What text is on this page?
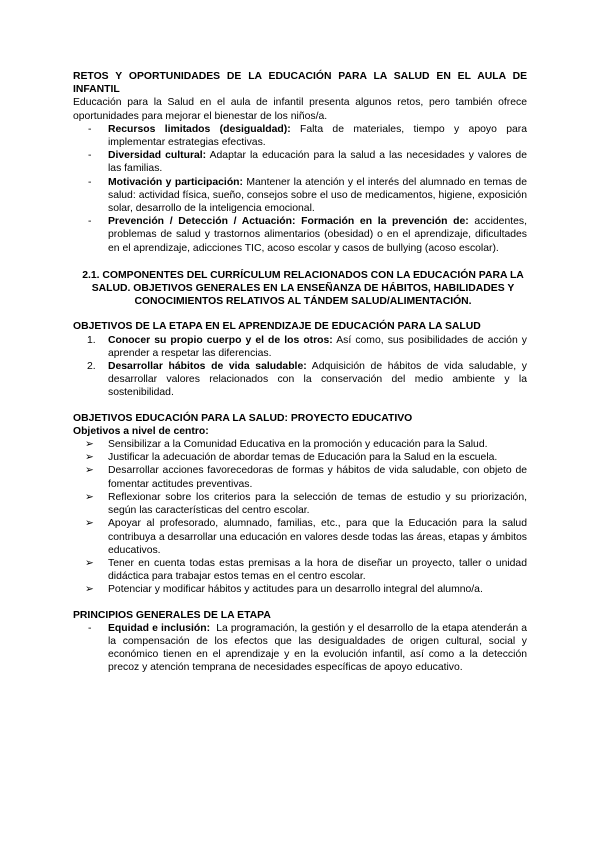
RETOS Y OPORTUNIDADES DE LA EDUCACIÓN PARA LA SALUD EN EL AULA DE INFANTIL

Educación para la Salud en el aula de infantil presenta algunos retos, pero también ofrece oportunidades para mejorar el bienestar de los niños/a.

- Recursos limitados (desigualdad): Falta de materiales, tiempo y apoyo para implementar estrategias efectivas.
- Diversidad cultural: Adaptar la educación para la salud a las necesidades y valores de las familias.
- Motivación y participación: Mantener la atención y el interés del alumnado en temas de salud: actividad física, sueño, consejos sobre el uso de medicamentos, higiene, exposición solar, desarrollo de la inteligencia emocional.
- Prevención / Detección / Actuación: Formación en la prevención de: accidentes, problemas de salud y trastornos alimentarios (obesidad) o en el aprendizaje, dificultades en el aprendizaje, adicciones TIC, acoso escolar y casos de bullying (acoso escolar).

2.1. COMPONENTES DEL CURRÍCULUM RELACIONADOS CON LA EDUCACIÓN PARA LA SALUD. OBJETIVOS GENERALES EN LA ENSEÑANZA DE HÁBITOS, HABILIDADES Y CONOCIMIENTOS RELATIVOS AL TÁNDEM SALUD/ALIMENTACIÓN.

OBJETIVOS DE LA ETAPA EN EL APRENDIZAJE DE EDUCACIÓN PARA LA SALUD

1. Conocer su propio cuerpo y el de los otros: Así como, sus posibilidades de acción y aprender a respetar las diferencias.
2. Desarrollar hábitos de vida saludable: Adquisición de hábitos de vida saludable, y desarrollar valores relacionados con la conservación del medio ambiente y la sostenibilidad.

OBJETIVOS EDUCACIÓN PARA LA SALUD: PROYECTO EDUCATIVO

Objetivos a nivel de centro:

➢ Sensibilizar a la Comunidad Educativa en la promoción y educación para la Salud.
➢ Justificar la adecuación de abordar temas de Educación para la Salud en la escuela.
➢ Desarrollar acciones favorecedoras de formas y hábitos de vida saludable, con objeto de fomentar actitudes preventivas.
➢ Reflexionar sobre los criterios para la selección de temas de estudio y su priorización, según las características del centro escolar.
➢ Apoyar al profesorado, alumnado, familias, etc., para que la Educación para la salud contribuya a desarrollar una educación en valores desde todas las áreas, etapas y ámbitos educativos.
➢ Tener en cuenta todas estas premisas a la hora de diseñar un proyecto, taller o unidad didáctica para trabajar estos temas en el centro escolar.
➢ Potenciar y modificar hábitos y actitudes para un desarrollo integral del alumno/a.

PRINCIPIOS GENERALES DE LA ETAPA

- Equidad e inclusión:  La programación, la gestión y el desarrollo de la etapa atenderán a la compensación de los efectos que las desigualdades de origen cultural, social y económico tienen en el aprendizaje y en la evolución infantil, así como a la detección precoz y atención temprana de necesidades específicas de apoyo educativo.
